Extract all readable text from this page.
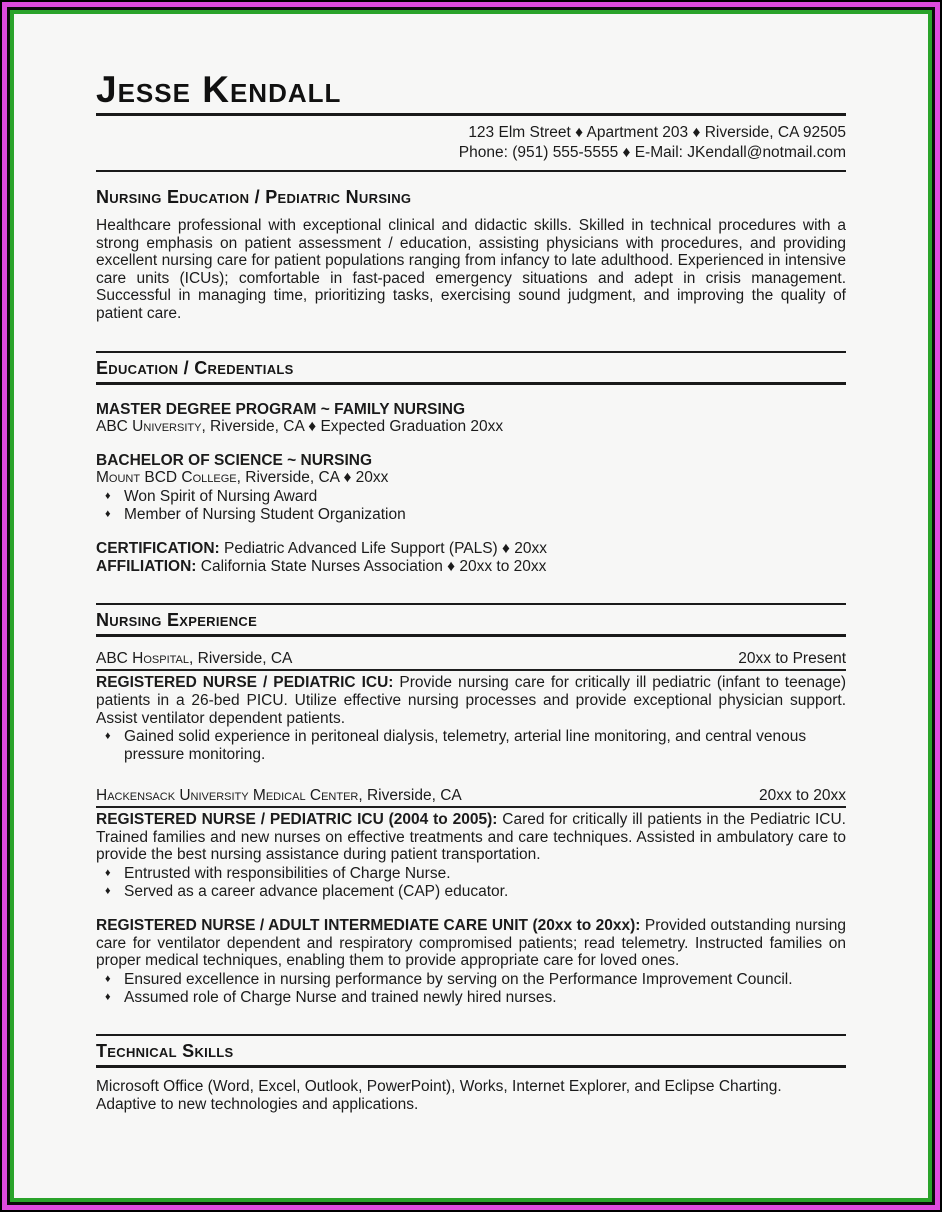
Jesse Kendall
123 Elm Street ♦ Apartment 203 ♦ Riverside, CA 92505
Phone: (951) 555-5555 ♦ E-Mail: JKendall@notmail.com
Nursing Education / Pediatric Nursing
Healthcare professional with exceptional clinical and didactic skills. Skilled in technical procedures with a strong emphasis on patient assessment / education, assisting physicians with procedures, and providing excellent nursing care for patient populations ranging from infancy to late adulthood. Experienced in intensive care units (ICUs); comfortable in fast-paced emergency situations and adept in crisis management. Successful in managing time, prioritizing tasks, exercising sound judgment, and improving the quality of patient care.
Education / Credentials
MASTER DEGREE PROGRAM ~ FAMILY NURSING
ABC University, Riverside, CA ♦ Expected Graduation 20xx
BACHELOR OF SCIENCE ~ NURSING
Mount BCD College, Riverside, CA ♦ 20xx
♦ Won Spirit of Nursing Award
♦ Member of Nursing Student Organization
CERTIFICATION: Pediatric Advanced Life Support (PALS) ♦ 20xx
AFFILIATION: California State Nurses Association ♦ 20xx to 20xx
Nursing Experience
ABC Hospital, Riverside, CA	20xx to Present
REGISTERED NURSE / PEDIATRIC ICU: Provide nursing care for critically ill pediatric (infant to teenage) patients in a 26-bed PICU. Utilize effective nursing processes and provide exceptional physician support. Assist ventilator dependent patients.
♦ Gained solid experience in peritoneal dialysis, telemetry, arterial line monitoring, and central venous pressure monitoring.
Hackensack University Medical Center, Riverside, CA	20xx to 20xx
REGISTERED NURSE / PEDIATRIC ICU (2004 to 2005): Cared for critically ill patients in the Pediatric ICU. Trained families and new nurses on effective treatments and care techniques. Assisted in ambulatory care to provide the best nursing assistance during patient transportation.
♦ Entrusted with responsibilities of Charge Nurse.
♦ Served as a career advance placement (CAP) educator.
REGISTERED NURSE / ADULT INTERMEDIATE CARE UNIT (20xx to 20xx): Provided outstanding nursing care for ventilator dependent and respiratory compromised patients; read telemetry. Instructed families on proper medical techniques, enabling them to provide appropriate care for loved ones.
♦ Ensured excellence in nursing performance by serving on the Performance Improvement Council.
♦ Assumed role of Charge Nurse and trained newly hired nurses.
Technical Skills
Microsoft Office (Word, Excel, Outlook, PowerPoint), Works, Internet Explorer, and Eclipse Charting.
Adaptive to new technologies and applications.
